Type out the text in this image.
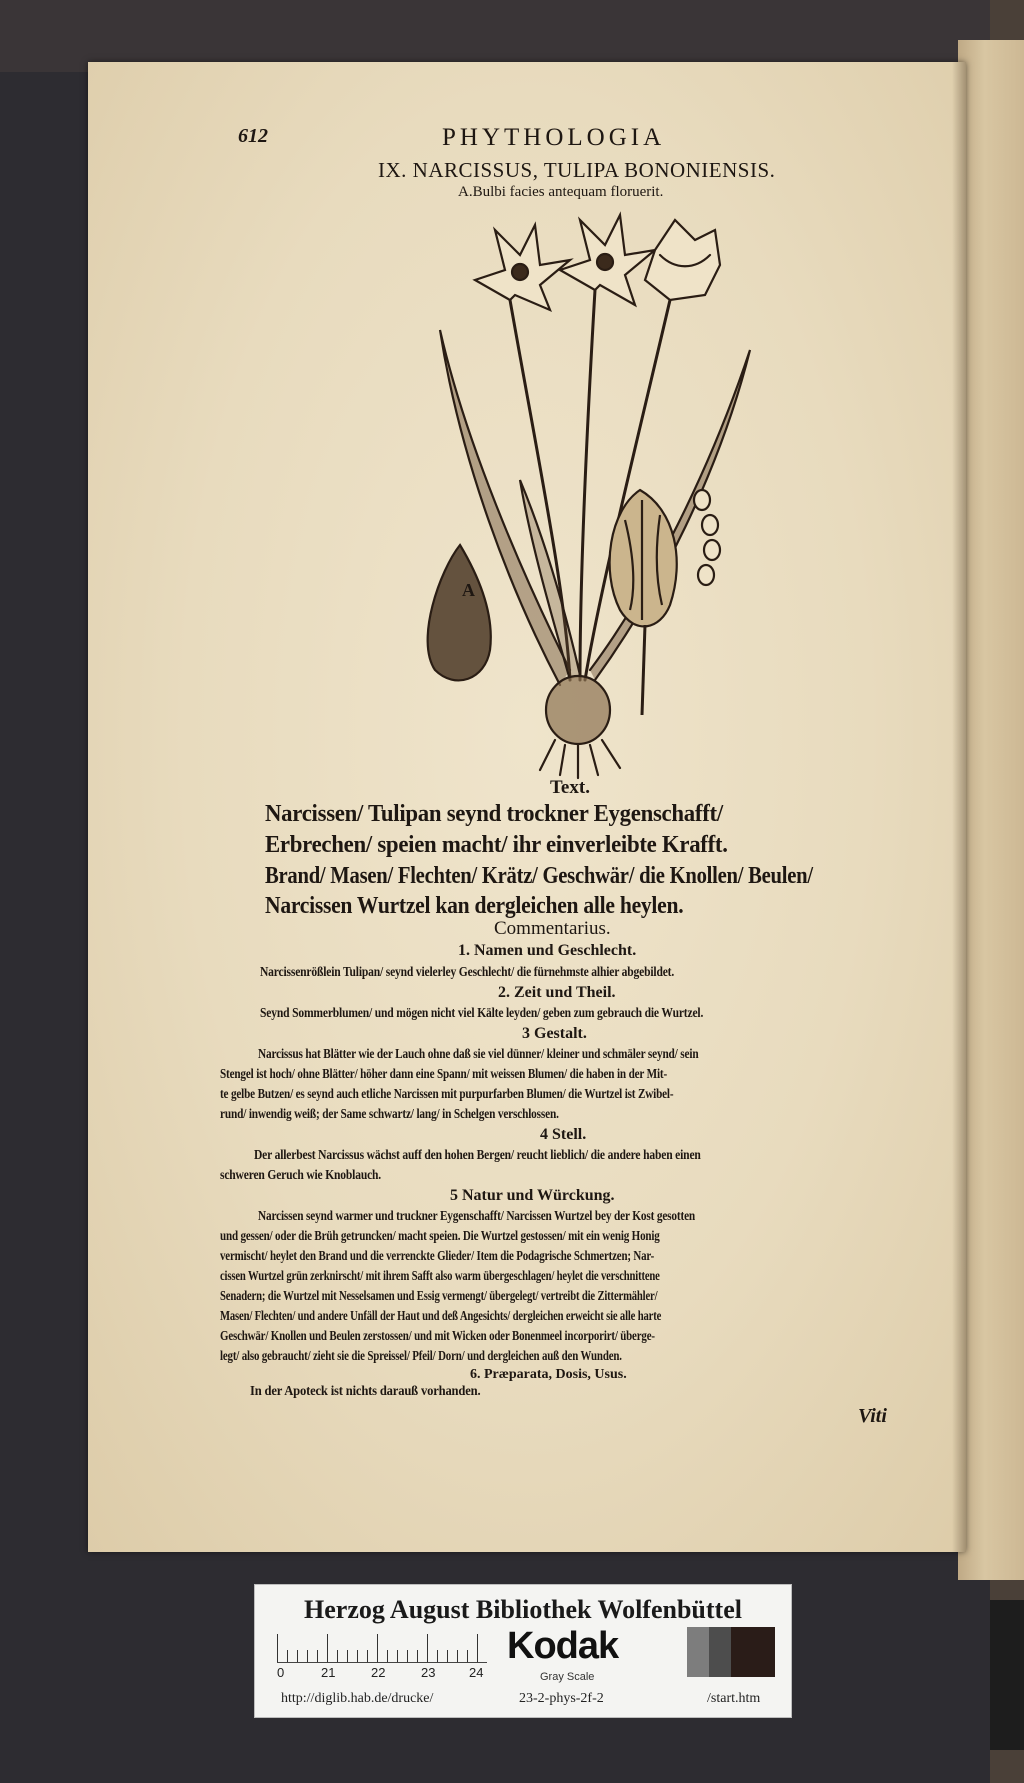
612	PHYTHOLOGIA

IX. NARCISSUS, TULIPA BONONIENSIS.

A.Bulbi facies antequam floruerit.

A

Text.

Narcissen/ Tulipan seynd trockner Eygenschafft/

Erbrechen/ speien macht/ ihr einverleibte Krafft.

Brand/ Masen/ Flechten/ Krätz/ Geschwär/ die Knollen/ Beulen/

Narcissen Wurtzel kan dergleichen alle heylen.

Commentarius.

1. Namen und Geschlecht.

Narcissenrößlein Tulipan/ seynd vielerley Geschlecht/ die fürnehmste alhier abgebildet.

2. Zeit und Theil.

Seynd Sommerblumen/ und mögen nicht viel Kälte leyden/ geben zum gebrauch die Wurtzel.

3 Gestalt.

Narcissus hat Blätter wie der Lauch ohne daß sie viel dünner/ kleiner und schmäler seynd/ sein

Stengel ist hoch/ ohne Blätter/ höher dann eine Spann/ mit weissen Blumen/ die haben in der Mit-

te gelbe Butzen/ es seynd auch etliche Narcissen mit purpurfarben Blumen/ die Wurtzel ist Zwibel-

rund/ inwendig weiß; der Same schwartz/ lang/ in Schelgen verschlossen.

4 Stell.

Der allerbest Narcissus wächst auff den hohen Bergen/ reucht lieblich/ die andere haben einen

schweren Geruch wie Knoblauch.

5 Natur und Würckung.

Narcissen seynd warmer und truckner Eygenschafft/ Narcissen Wurtzel bey der Kost gesotten

und gessen/ oder die Brüh getruncken/ macht speien. Die Wurtzel gestossen/ mit ein wenig Honig

vermischt/ heylet den Brand und die verrenckte Glieder/ Item die Podagrische Schmertzen; Nar-

cissen Wurtzel grün zerknirscht/ mit ihrem Safft also warm übergeschlagen/ heylet die verschnittene

Senadern; die Wurtzel mit Nesselsamen und Essig vermengt/ übergelegt/ vertreibt die Zittermähler/

Masen/ Flechten/ und andere Unfäll der Haut und deß Angesichts/ dergleichen erweicht sie alle harte

Geschwär/ Knollen und Beulen zerstossen/ und mit Wicken oder Bonenmeel incorporirt/ überge-

legt/ also gebraucht/ zieht sie die Spreissel/ Pfeil/ Dorn/ und dergleichen auß den Wunden.

6. Præparata, Dosis, Usus.

In der Apoteck ist nichts darauß vorhanden.

Viti

Herzog August Bibliothek Wolfenbüttel
0	21	22	23	24
Kodak
Gray Scale
http://diglib.hab.de/drucke/	23-2-phys-2f-2	/start.htm
